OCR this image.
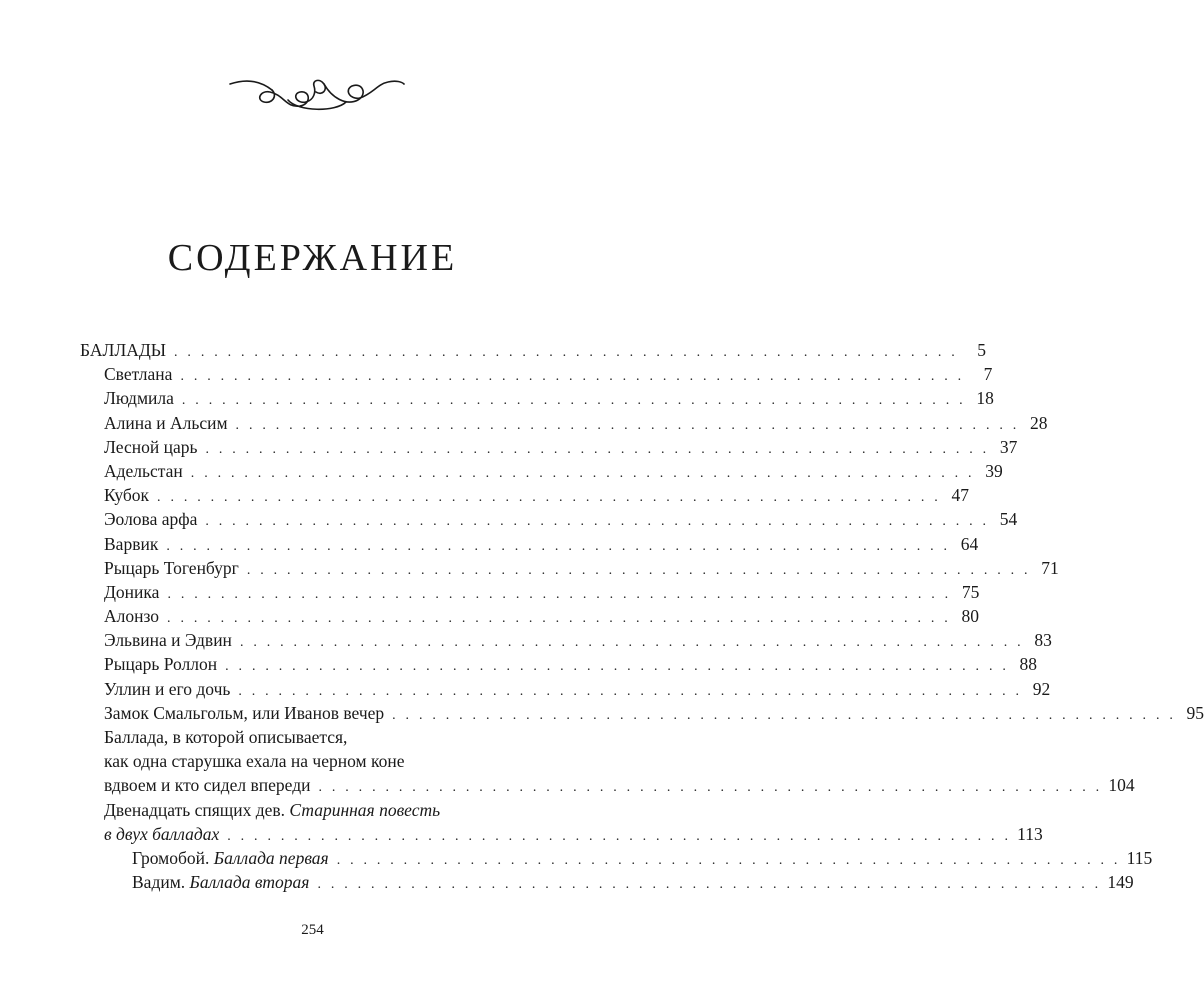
СОДЕРЖАНИЕ
БАЛЛАДЫ . . . . . . . . . . . . . . . . . . . . . . . . . . . . . . . . . . . . . . . . . . . . . . . . . . . . . . . . . . .	5
Светлана . . . . . . . . . . . . . . . . . . . . . . . . . . . . . . . . . . . . . . . . . . . . . . . . . . . . . . . . . . .	7
Людмила . . . . . . . . . . . . . . . . . . . . . . . . . . . . . . . . . . . . . . . . . . . . . . . . . . . . . . . . . . . 18
Алина и Альсим . . . . . . . . . . . . . . . . . . . . . . . . . . . . . . . . . . . . . . . . . . . . . . . . . . . . . . . . . . . 28
Лесной царь . . . . . . . . . . . . . . . . . . . . . . . . . . . . . . . . . . . . . . . . . . . . . . . . . . . . . . . . . . . 37
Адельстан . . . . . . . . . . . . . . . . . . . . . . . . . . . . . . . . . . . . . . . . . . . . . . . . . . . . . . . . . . . 39
Кубок . . . . . . . . . . . . . . . . . . . . . . . . . . . . . . . . . . . . . . . . . . . . . . . . . . . . . . . . . . . 47
Эолова арфа . . . . . . . . . . . . . . . . . . . . . . . . . . . . . . . . . . . . . . . . . . . . . . . . . . . . . . . . . . . 54
Варвик . . . . . . . . . . . . . . . . . . . . . . . . . . . . . . . . . . . . . . . . . . . . . . . . . . . . . . . . . . . 64
Рыцарь Тогенбург . . . . . . . . . . . . . . . . . . . . . . . . . . . . . . . . . . . . . . . . . . . . . . . . . . . . . . . . . . . 71
Доника . . . . . . . . . . . . . . . . . . . . . . . . . . . . . . . . . . . . . . . . . . . . . . . . . . . . . . . . . . . 75
Алонзо . . . . . . . . . . . . . . . . . . . . . . . . . . . . . . . . . . . . . . . . . . . . . . . . . . . . . . . . . . . 80
Эльвина и Эдвин . . . . . . . . . . . . . . . . . . . . . . . . . . . . . . . . . . . . . . . . . . . . . . . . . . . . . . . . . . . 83
Рыцарь Роллон . . . . . . . . . . . . . . . . . . . . . . . . . . . . . . . . . . . . . . . . . . . . . . . . . . . . . . . . . . . 88
Уллин и его дочь . . . . . . . . . . . . . . . . . . . . . . . . . . . . . . . . . . . . . . . . . . . . . . . . . . . . . . . . . . . 92
Замок Смальгольм, или Иванов вечер . . . . . . . . . . . . . . . . . . . . . . . . . . . . . . . . . . . . . . . . . . . . . . . . . . . . . . . . . . . 95
Баллада, в которой описывается,
как одна старушка ехала на черном коне
вдвоем и кто сидел впереди . . . . . . . . . . . . . . . . . . . . . . . . . . . . . . . . . . . . . . . . . . . . . . . . . . . . . . . . . . . 104
Двенадцать спящих дев. Старинная повесть
в двух балладах . . . . . . . . . . . . . . . . . . . . . . . . . . . . . . . . . . . . . . . . . . . . . . . . . . . . . . . . . . . 113
Громобой. Баллада первая . . . . . . . . . . . . . . . . . . . . . . . . . . . . . . . . . . . . . . . . . . . . . . . . . . . . . . . . . . . 115
Вадим. Баллада вторая . . . . . . . . . . . . . . . . . . . . . . . . . . . . . . . . . . . . . . . . . . . . . . . . . . . . . . . . . . . 149
254
